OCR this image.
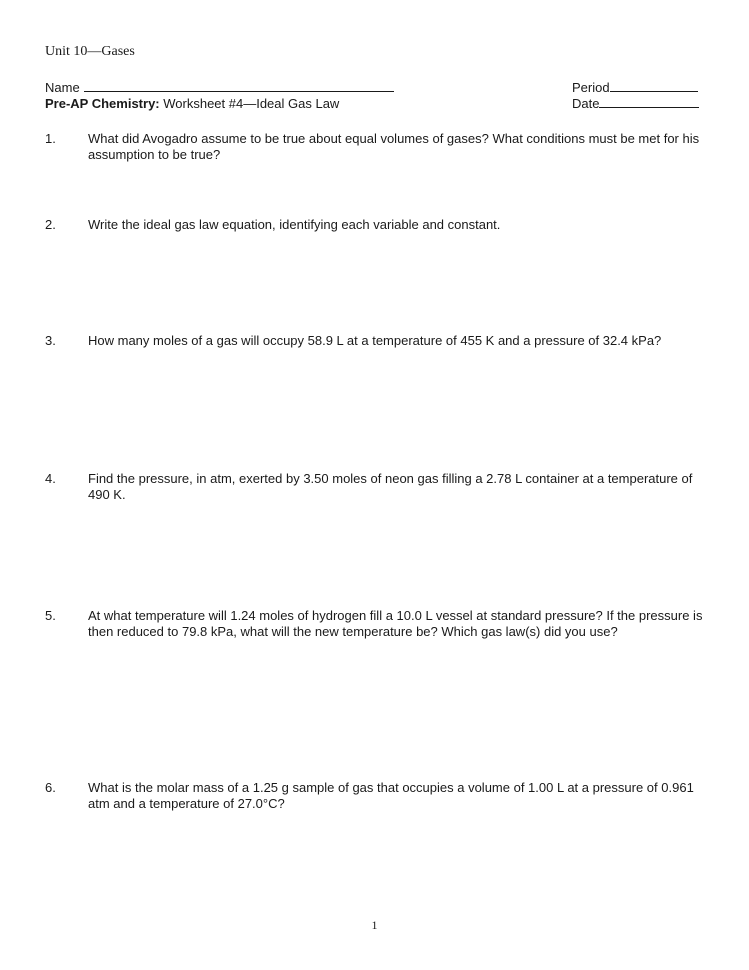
Unit 10—Gases
Name
Pre-AP Chemistry: Worksheet #4—Ideal Gas Law
Period
Date
1. What did Avogadro assume to be true about equal volumes of gases? What conditions must be met for his assumption to be true?
2. Write the ideal gas law equation, identifying each variable and constant.
3. How many moles of a gas will occupy 58.9 L at a temperature of 455 K and a pressure of 32.4 kPa?
4. Find the pressure, in atm, exerted by 3.50 moles of neon gas filling a 2.78 L container at a temperature of 490 K.
5. At what temperature will 1.24 moles of hydrogen fill a 10.0 L vessel at standard pressure? If the pressure is then reduced to 79.8 kPa, what will the new temperature be? Which gas law(s) did you use?
6. What is the molar mass of a 1.25 g sample of gas that occupies a volume of 1.00 L at a pressure of 0.961 atm and a temperature of 27.0°C?
1
